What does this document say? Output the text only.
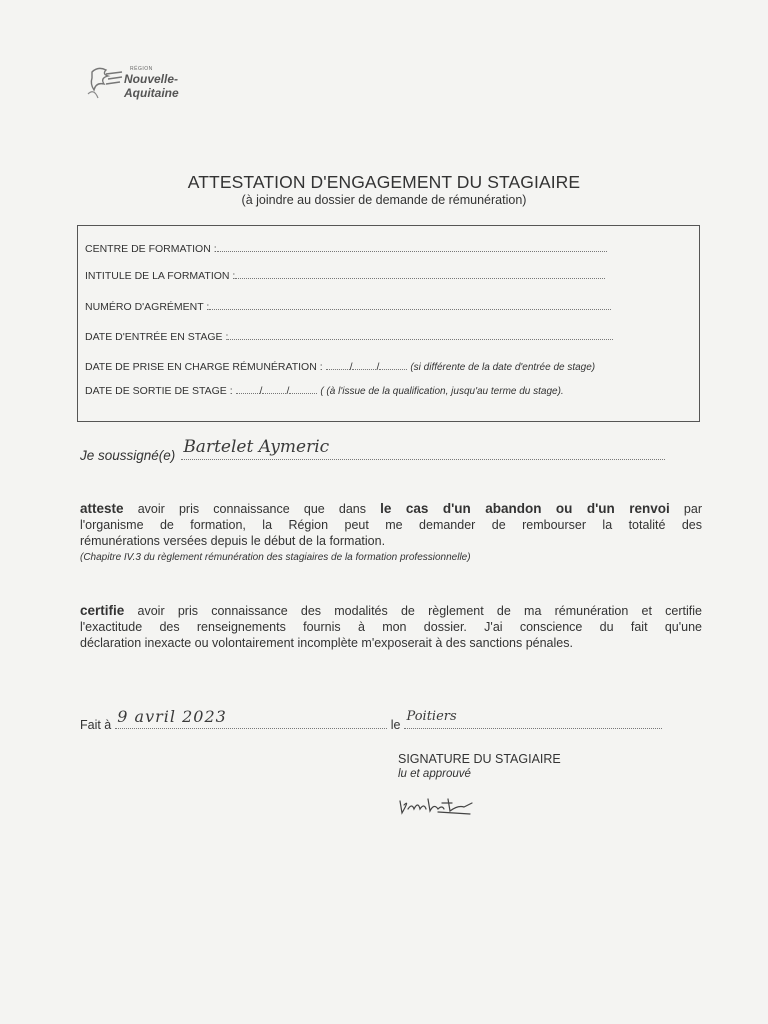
RÉGION
Nouvelle-
Aquitaine
ATTESTATION D'ENGAGEMENT DU STAGIAIRE
(à joindre au dossier de demande de rémunération)
CENTRE DE FORMATION :
INTITULE DE LA FORMATION :
NUMÉRO D'AGRÉMENT :
DATE D'ENTRÉE EN STAGE :
DATE DE PRISE EN CHARGE RÉMUNÉRATION :	/ /	(si différente de la date d'entrée de stage)
DATE DE SORTIE DE STAGE :	/ /	( (à l'issue de la qualification, jusqu'au terme du stage).
Je soussigné(e) Bartelet Aymeric
atteste avoir pris connaissance que dans le cas d'un abandon ou d'un renvoi par
l'organisme de formation, la Région peut me demander de rembourser la totalité des
rémunérations versées depuis le début de la formation.
(Chapitre IV.3 du règlement rémunération des stagiaires de la formation professionnelle)
certifie avoir pris connaissance des modalités de règlement de ma rémunération et certifie
l'exactitude des renseignements fournis à mon dossier. J'ai conscience du fait qu'une
déclaration inexacte ou volontairement incomplète m'exposerait à des sanctions pénales.
Fait à 9 avril 2023	le
Poitiers
SIGNATURE DU STAGIAIRE
lu et approuvé
